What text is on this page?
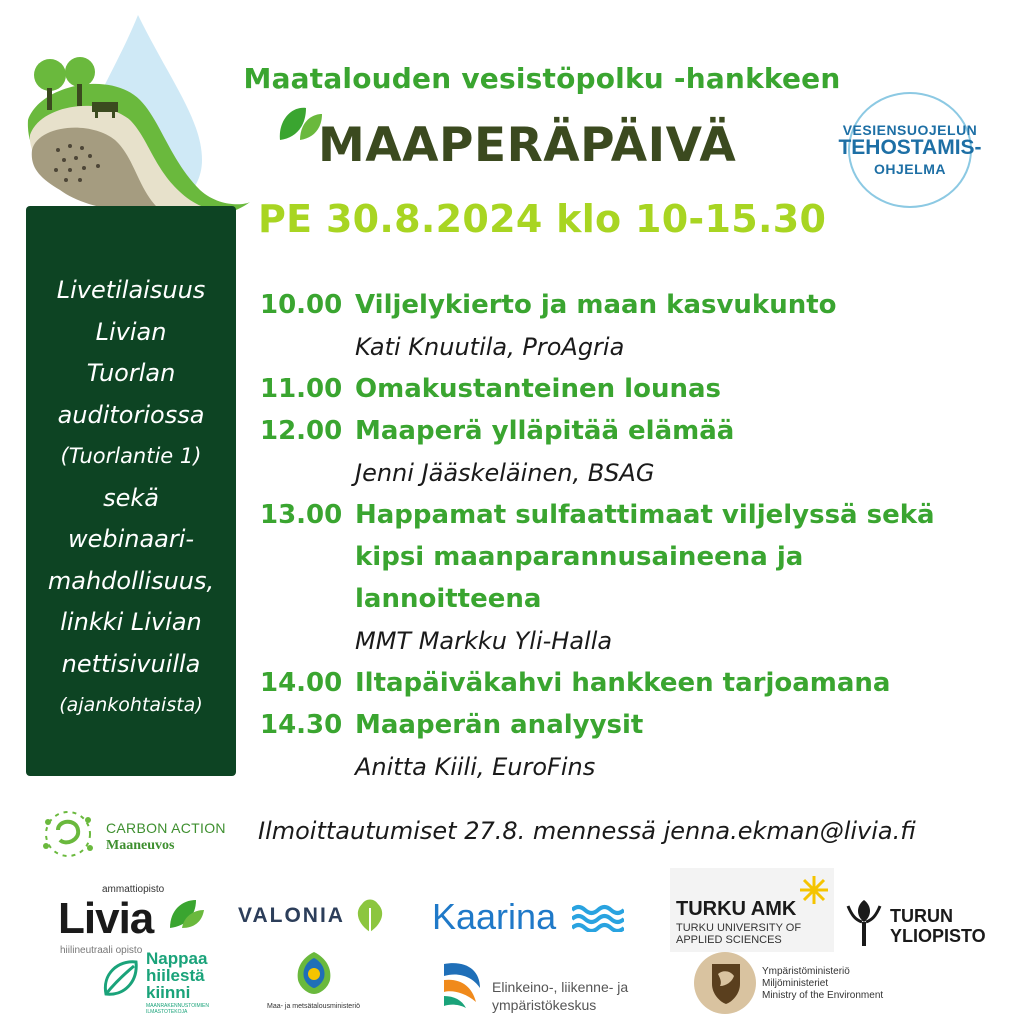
Maatalouden vesistöpolku -hankkeen
MAAPERÄPÄIVÄ
PE 30.8.2024 klo 10-15.30
VESIENSUOJELUN
TEHOSTAMIS-
OHJELMA
Livetilaisuus
Livian
Tuorlan
auditoriossa
(Tuorlantie 1)
sekä
webinaari-
mahdollisuus,
linkki Livian
nettisivuilla
(ajankohtaista)
10.00 Viljelykierto ja maan kasvukunto
Kati Knuutila, ProAgria
11.00 Omakustanteinen lounas
12.00 Maaperä ylläpitää elämää
Jenni Jääskeläinen, BSAG
13.00 Happamat sulfaattimaat viljelyssä sekä
kipsi maanparannusaineena ja
lannoitteena
MMT Markku Yli-Halla
14.00 Iltapäiväkahvi hankkeen tarjoamana
14.30 Maaperän analyysit
Anitta Kiili, EuroFins
CARBON ACTION
Maaneuvos
Ilmoittautumiset 27.8. mennessä jenna.ekman@livia.fi
ammattiopisto
Livia
hiilineutraali opisto
VALONIA Kaarina	TURKU AMK
TURKU UNIVERSITY OF
APPLIED SCIENCES
TURUN
YLIOPISTO
Nappaa
hiilestä
kiinni
MAANRAKENNUSTOIMIEN ILMASTOTEKOJA
Maa- ja metsätalousministeriö
Elinkeino-, liikenne- ja
ympäristökeskus
Ympäristöministeriö
Miljöministeriet
Ministry of the Environment
